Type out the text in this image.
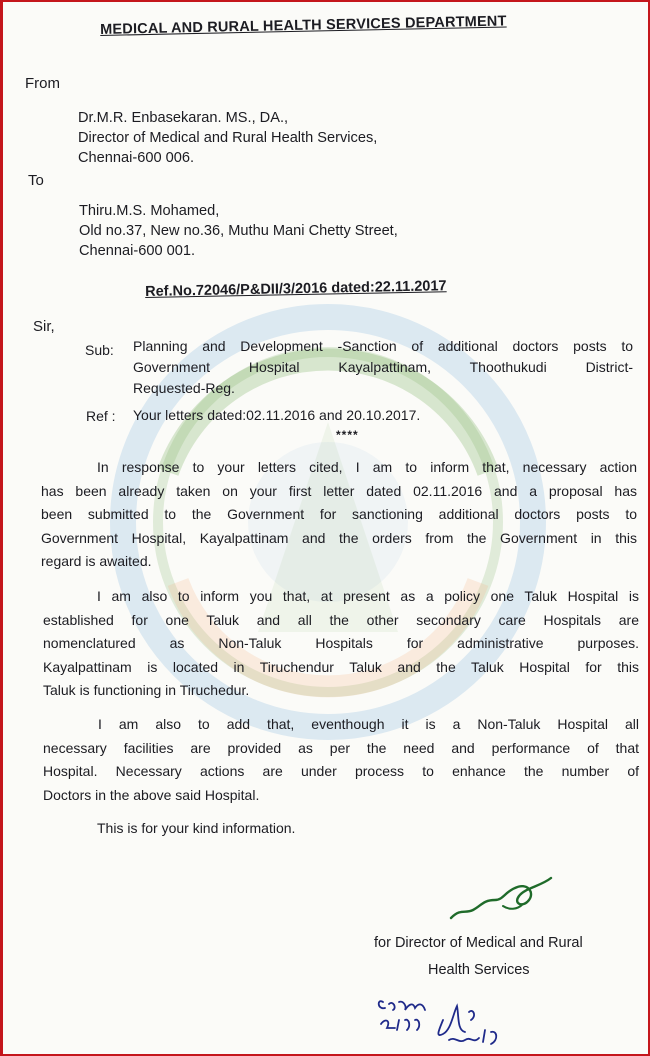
MEDICAL AND RURAL HEALTH SERVICES DEPARTMENT
From
Dr.M.R. Enbasekaran. MS., DA.,
Director of Medical and Rural Health Services,
Chennai-600 006.
To
Thiru.M.S. Mohamed,
Old no.37, New no.36, Muthu Mani Chetty Street,
Chennai-600 001.
Ref.No.72046/P&DII/3/2016 dated:22.11.2017
Sir,
Sub: Planning and Development -Sanction of additional doctors posts to
Government Hospital Kayalpattinam, Thoothukudi District-
Requested-Reg.
Ref : Your letters dated:02.11.2016 and 20.10.2017.
****
In response to your letters cited, I am to inform that, necessary action
has been already taken on your first letter dated 02.11.2016 and a proposal has
been submitted to the Government for sanctioning additional doctors posts to
Government Hospital, Kayalpattinam and the orders from the Government in this
regard is awaited.
I am also to inform you that, at present as a policy one Taluk Hospital is
established for one Taluk and all the other secondary care Hospitals are
nomenclatured as Non-Taluk Hospitals for administrative purposes.
Kayalpattinam is located in Tiruchendur Taluk and the Taluk Hospital for this
Taluk is functioning in Tiruchedur.
I am also to add that, eventhough it is a Non-Taluk Hospital all
necessary facilities are provided as per the need and performance of that
Hospital. Necessary actions are under process to enhance the number of
Doctors in the above said Hospital.
This is for your kind information.
for Director of Medical and Rural
Health Services
